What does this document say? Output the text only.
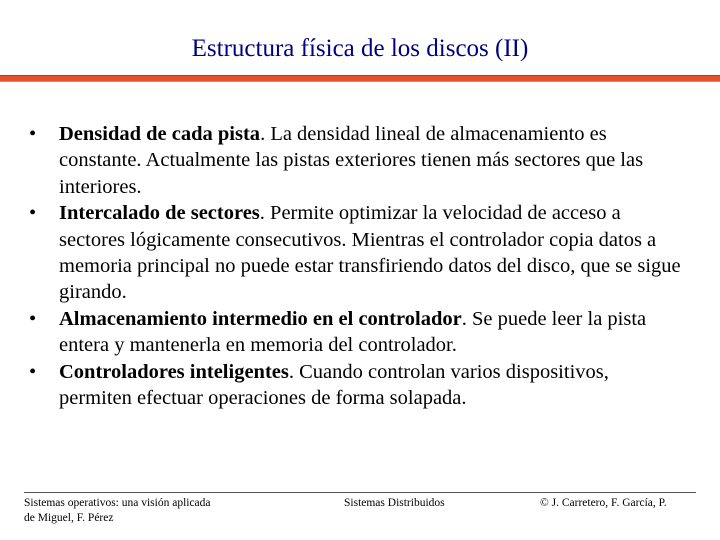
Estructura física de los discos (II)
• Densidad de cada pista. La densidad lineal de almacenamiento es constante. Actualmente las pistas exteriores tienen más sectores que las interiores.
• Intercalado de sectores. Permite optimizar la velocidad de acceso a sectores lógicamente consecutivos. Mientras el controlador copia datos a memoria principal no puede estar transfiriendo datos del disco, que se sigue girando.
• Almacenamiento intermedio en el controlador. Se puede leer la pista entera y mantenerla en memoria del controlador.
• Controladores inteligentes. Cuando controlan varios dispositivos, permiten efectuar operaciones de forma solapada.
Sistemas operativos: una visión aplicada
de Miguel, F. Pérez
Sistemas Distribuidos	© J. Carretero, F. García, P.
